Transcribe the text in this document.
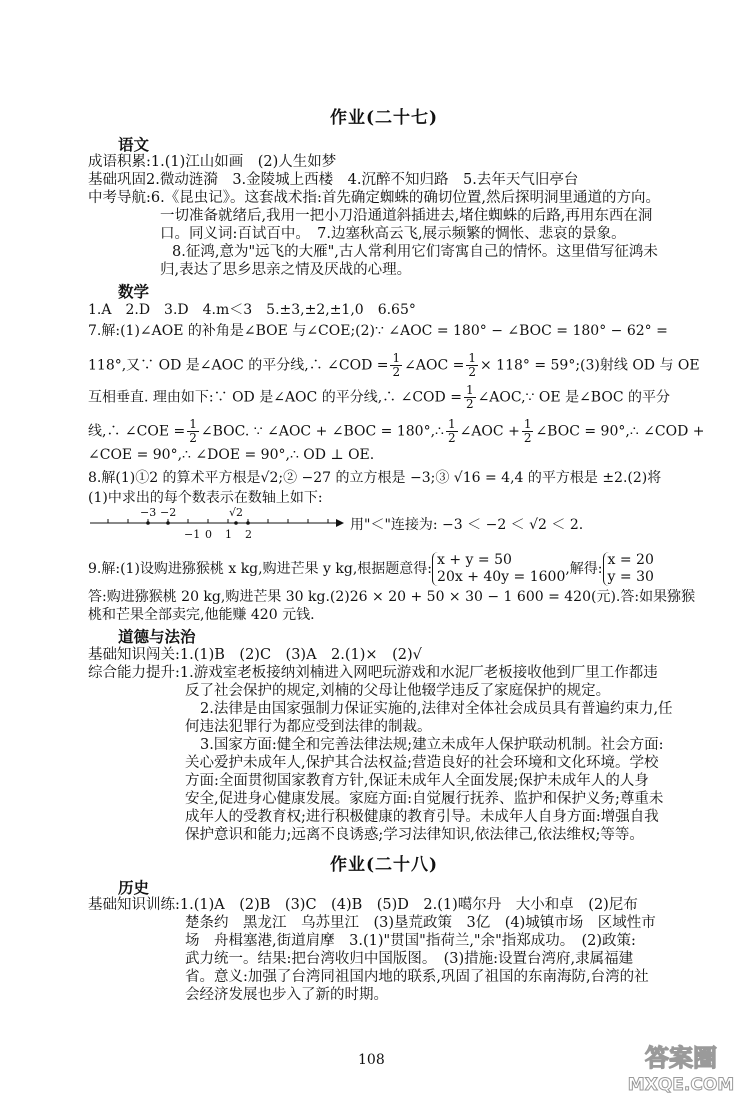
作业(二十七)
语文
成语积累:1.(1)江山如画　(2)人生如梦
基础巩固2.微动涟漪　3.金陵城上西楼　4.沉醉不知归路　5.去年天气旧亭台
中考导航:6.《昆虫记》。这套战术指:首先确定蜘蛛的确切位置,然后探明洞里通道的方向。
一切准备就绪后,我用一把小刀沿通道斜插进去,堵住蜘蛛的后路,再用东西在洞
口。同义词:百试百中。　7.边塞秋高云飞,展示频繁的惆怅、悲哀的景象。
8.征鸿,意为"远飞的大雁",古人常利用它们寄寓自己的情怀。这里借写征鸿未
归,表达了思乡思亲之情及厌战的心理。
数学
1.A　2.D　3.D　4.m＜3　5.±3,±2,±1,0　6.65°
7.解:(1)∠AOE 的补角是∠BOE 与∠COE;(2)∵ ∠AOC = 180° − ∠BOC = 180° − 62° =
118°,又∵ OD 是∠AOC 的平分线,∴ ∠COD = $\frac{1}{2}$ ∠AOC = $\frac{1}{2} \times 118^\circ$ = 59°;(3)射线 OD 与 OE
互相垂直. 理由如下:∵ OD 是∠AOC 的平分线,∴ ∠COD = $\frac{1}{2}$ ∠AOC,∵ OE 是∠BOC 的平分
线,∴ ∠COE = $\frac{1}{2}$ ∠BOC. ∵ ∠AOC + ∠BOC = 180°,∴ $\frac{1}{2}$ ∠AOC + $\frac{1}{2}$ ∠BOC = 90°,∴ ∠COD +
∠COE = 90°,∴ ∠DOE = 90°,∴ OD ⊥ OE.
8.解(1)①2 的算术平方根是√2;② −27 的立方根是 −3;③ √16 = 4,4 的平方根是 ±2.(2)将
(1)中求出的每个数表示在数轴上如下:
−3 −2	√2
−1 0 1 2
用"＜"连接为: −3 ＜ −2 ＜ √2 ＜ 2.
9.解:(1)设购进猕猴桃 x kg,购进芒果 y kg,根据题意得:
x + y = 50
20x + 40y = 1600 ,解得:
x = 20
y = 30
答:购进猕猴桃 20 kg,购进芒果 30 kg.(2)26 × 20 + 50 × 30 − 1 600 = 420(元).答:如果猕猴
桃和芒果全部卖完,他能赚 420 元钱.
道德与法治
基础知识闯关:1.(1)B　(2)C　(3)A　2.(1)×　(2)√
综合能力提升:1.游戏室老板接纳刘楠进入网吧玩游戏和水泥厂老板接收他到厂里工作都违
反了社会保护的规定,刘楠的父母让他辍学违反了家庭保护的规定。
2.法律是由国家强制力保证实施的,法律对全体社会成员具有普遍约束力,任
何违法犯罪行为都应受到法律的制裁。
3.国家方面:健全和完善法律法规;建立未成年人保护联动机制。社会方面:
关心爱护未成年人,保护其合法权益;营造良好的社会环境和文化环境。学校
方面:全面贯彻国家教育方针,保证未成年人全面发展;保护未成年人的人身
安全,促进身心健康发展。家庭方面:自觉履行抚养、监护和保护义务;尊重未
成年人的受教育权;进行积极健康的教育引导。未成年人自身方面:增强自我
保护意识和能力;远离不良诱惑;学习法律知识,依法律己,依法维权;等等。
作业(二十八)
历史
基础知识训练:1.(1)A　(2)B　(3)C　(4)B　(5)D　2.(1)噶尔丹　大小和卓　(2)尼布
楚条约　黑龙江　乌苏里江　(3)垦荒政策　3亿　(4)城镇市场　区域性市
场　舟楫塞港,街道肩摩　3.(1)"贯国"指荷兰,"余"指郑成功。　(2)政策:
武力统一。结果:把台湾收归中国版图。　(3)措施:设置台湾府,隶属福建
省。意义:加强了台湾同祖国内地的联系,巩固了祖国的东南海防,台湾的社
会经济发展也步入了新的时期。
108	答案圈
MXQE.COM
